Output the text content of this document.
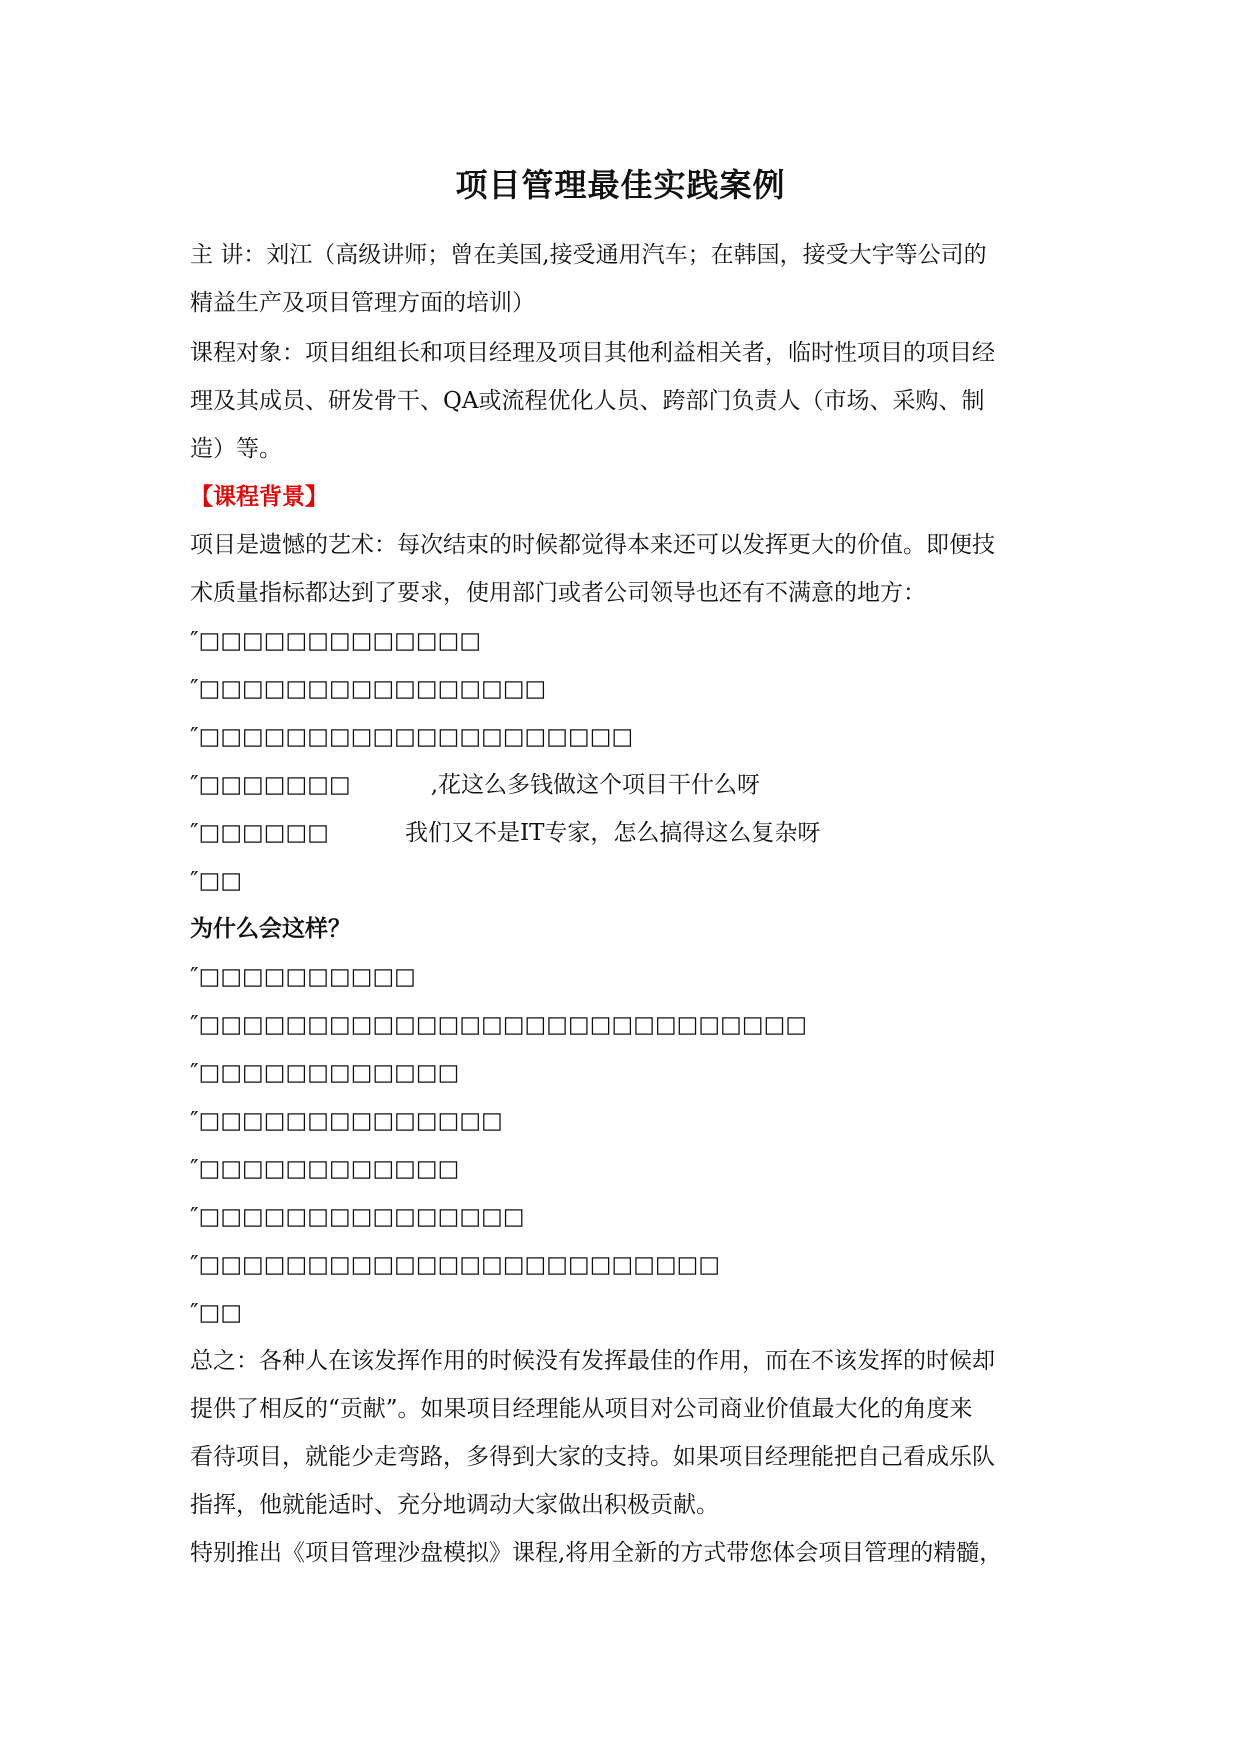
项目管理最佳实践案例
主 讲：刘江（高级讲师；曾在美国,接受通用汽车；在韩国，接受大宇等公司的
精益生产及项目管理方面的培训）
课程对象：项目组组长和项目经理及项目其他利益相关者，临时性项目的项目经
理及其成员、研发骨干、QA或流程优化人员、跨部门负责人（市场、采购、制
造）等。
【课程背景】
项目是遗憾的艺术：每次结束的时候都觉得本来还可以发挥更大的价值。即便技
术质量指标都达到了要求，使用部门或者公司领导也还有不满意的地方：
″□□□□□□□□□□□□□
″□□□□□□□□□□□□□□□□
″□□□□□□□□□□□□□□□□□□□□
″□□□□□□□	,花这么多钱做这个项目干什么呀
″□□□□□□	我们又不是IT专家，怎么搞得这么复杂呀
″□□
为什么会这样？
″□□□□□□□□□□
″□□□□□□□□□□□□□□□□□□□□□□□□□□□□
″□□□□□□□□□□□□
″□□□□□□□□□□□□□□
″□□□□□□□□□□□□
″□□□□□□□□□□□□□□□
″□□□□□□□□□□□□□□□□□□□□□□□□
″□□
总之：各种人在该发挥作用的时候没有发挥最佳的作用，而在不该发挥的时候却
提供了相反的“贡献”。如果项目经理能从项目对公司商业价值最大化的角度来
看待项目，就能少走弯路，多得到大家的支持。如果项目经理能把自己看成乐队
指挥，他就能适时、充分地调动大家做出积极贡献。
特别推出《项目管理沙盘模拟》课程,将用全新的方式带您体会项目管理的精髓，
